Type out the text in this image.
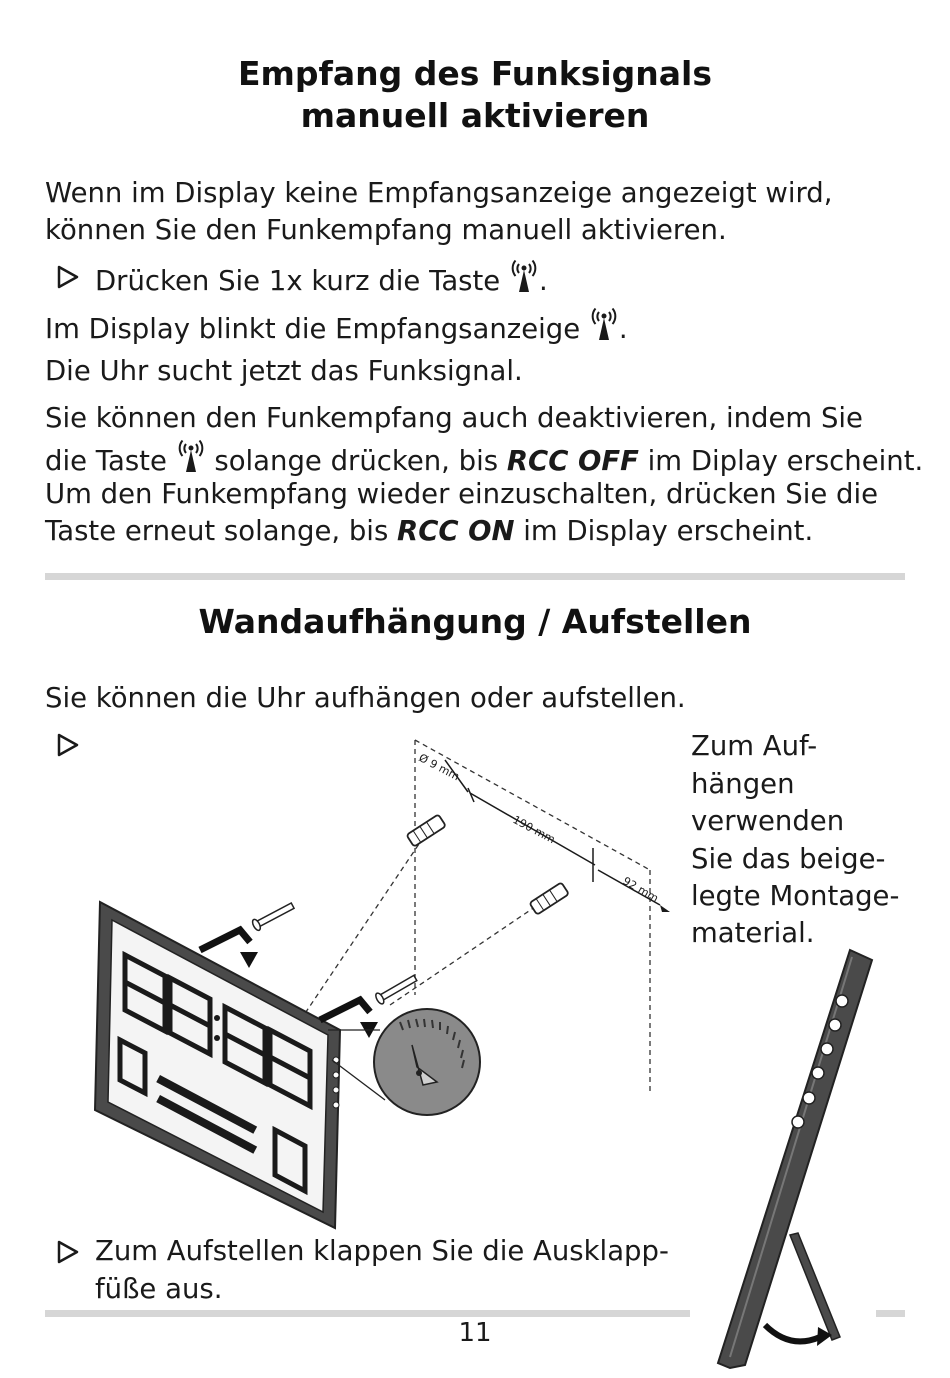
Empfang des Funksignals
manuell aktivieren
Wenn im Display keine Empfangsanzeige angezeigt wird,
können Sie den Funkempfang manuell aktivieren.
Drücken Sie 1x kurz die Taste .
Im Display blinkt die Empfangsanzeige .
Die Uhr sucht jetzt das Funksignal.
Sie können den Funkempfang auch deaktivieren, indem Sie
die Taste solange drücken, bis RCC OFF im Diplay erscheint.
Um den Funkempfang wieder einzuschalten, drücken Sie die
Taste erneut solange, bis RCC ON im Display erscheint.
Wandaufhängung / Aufstellen
Sie können die Uhr aufhängen oder aufstellen.
Zum Auf-
hängen
verwenden
Sie das beige-
legte Montage-
material.
Ø 9 mm
190 mm
92 mm
Zum Aufstellen klappen Sie die Ausklapp-
füße aus.
11
